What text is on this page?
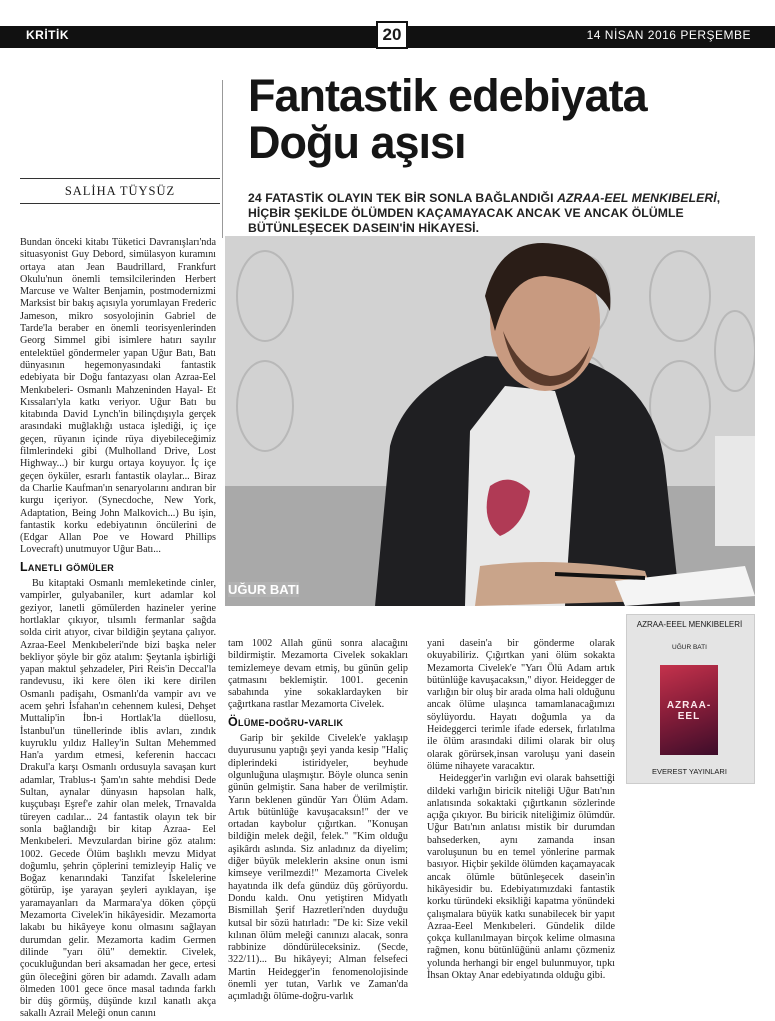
KRİTİK	20	14 NİSAN 2016 PERŞEMBE
Fantastik edebiyata
Doğu aşısı
24 FATASTİK OLAYIN TEK BİR SONLA BAĞLANDIĞI AZRAA-EEL MENKIBELERİ, HİÇBİR ŞEKİLDE ÖLÜMDEN KAÇAMAYACAK ANCAK VE ANCAK ÖLÜMLE BÜTÜNLEŞECEK DASEIN'İN HİKAYESİ.
SALİHA TÜYSÜZ
UĞUR BATI

Bundan önceki kitabı Tüketici Davranışları'nda situasyonist Guy Debord, simülasyon kuramını ortaya atan Jean Baudrillard, Frankfurt Okulu'nun önemli temsilcilerinden Herbert Marcuse ve Walter Benjamin, postmodernizmi Marksist bir bakış açısıyla yorumlayan Frederic Jameson, mikro sosyolojinin Gabriel de Tarde'la beraber en önemli teorisyenlerinden Georg Simmel gibi isimlere hatırı sayılır entelektüel göndermeler yapan Uğur Batı, Batı dünyasının hegemonyasındaki fantastik edebiyata bir Doğu fantazyası olan Azraa-Eel Menkıbeleri- Osmanlı Mahzeninden Hayal- Et Kıssaları'yla katkı veriyor. Uğur Batı bu kitabında David Lynch'in bilinçdışıyla gerçek arasındaki muğlaklığı ustaca işlediği, iç içe geçen, rüyanın içinde rüya diyebileceğimiz filmlerindeki gibi (Mulholland Drive, Lost Highway...) bir kurgu ortaya koyuyor. İç içe geçen öyküler, esrarlı fantastik olaylar... Biraz da Charlie Kaufman'ın senaryolarını andıran bir kurgu içeriyor. (Synecdoche, New York, Adaptation, Being John Malkovich...) Bu işin, fantastik korku edebiyatının öncülerini de (Edgar Allan Poe ve Howard Phillips Lovecraft) unutmuyor Uğur Batı...

Lanetli gömüler

Bu kitaptaki Osmanlı memleketinde cinler, vampirler, gulyabaniler, kurt adamlar kol geziyor, lanetli gömülerden hazineler yerine hortlaklar çıkıyor, tılsımlı fermanlar sağda solda cirit atıyor, civar bildiğin şeytana çalıyor. Azraa-Eeel Menkıbeleri'nde bizi başka neler bekliyor şöyle bir göz atalım: Şeytanla işbirliği yapan maktul şehzadeler, Piri Reis'in Deccal'la randevusu, iki kere ölen iki kere dirilen Osmanlı padişahı, Osmanlı'da vampir avı ve acem şehri İsfahan'ın cehennem kulesi, Dehşet Muttalip'in İbn-i Hortlak'la düellosu, İstanbul'un tünellerinde iblis avları, zındık kuyruklu yıldız Halley'in Sultan Mehemmed Han'a yardım etmesi, keferenin haccacı Drakul'a karşı Osmanlı ordusuyla savaşan kurt adamlar, Trablus-ı Şam'ın sahte mehdisi Dede Sultan, aynalar dünyasın hapsolan halk, kuşçubaşı Eşref'e zahir olan melek, Trnavalda türeyen cadılar... 24 fantastik olayın tek bir sonla bağlandığı bir kitap Azraa- Eel Menkıbeleri. Mevzulardan birine göz atalım: 1002. Gecede Ölüm başlıklı mevzu Midyat doğumlu, şehrin çöplerini temizleyip Haliç ve Boğaz kenarındaki Tanzifat İskelelerine götürüp, işe yarayan şeyleri ayıklayan, işe yaramayanları da Marmara'ya döken çöpçü Mezamorta Civelek'in hikâyesidir. Mezamorta lakabı bu hikâyeye konu olmasını sağlayan durumdan gelir. Mezamorta kadim Germen dilinde "yarı ölü" demektir. Civelek, çocukluğundan beri aksamadan her gece, ertesi gün öleceğini gören bir adamdı. Zavallı adam ölmeden 1001 gece önce masal tadında farklı bir düş görmüş, düşünde kızıl kanatlı akça sakallı Azrail Meleği onun canını

tam 1002 Allah günü sonra alacağını bildirmiştir. Mezamorta Civelek sokakları temizlemeye devam etmiş, bu günün gelip çatmasını beklemiştir. 1001. gecenin sabahında yine sokaklardayken bir çağırtkana rastlar Mezamorta Civelek.

Ölüme-doğru-varlık

Garip bir şekilde Civelek'e yaklaşıp duyurusunu yaptığı şeyi yanda kesip "Haliç diplerindeki istiridyeler, beyhude olgunluğuna ulaşmıştır. Böyle olunca senin günün gelmiştir. Sana haber de verilmiştir. Yarın beklenen gündür Yarı Ölüm Adam. Artık bütünlüğe kavuşacaksın!" der ve ortadan kaybolur çığırtkan. "Konuşan bildiğin melek değil, felek." "Kim olduğu aşikârdı aslında. Siz anladınız da diyelim; diğer büyük meleklerin aksine onun ismi kimseye verilmezdi!" Mezamorta Civelek hayatında ilk defa gündüz düş görüyordu. Dondu kaldı. Onu yetiştiren Midyatlı Bismillah Şerif Hazretleri'nden duyduğu kutsal bir sözü hatırladı: "De ki: Size vekil kılınan ölüm meleği canınızı alacak, sonra rabbinize döndürüleceksiniz. (Secde, 322/11)... Bu hikâyeyi; Alman felsefeci Martin Heidegger'in fenomenolojisinde önemli yer tutan, Varlık ve Zaman'da açımladığı ölüme-doğru-varlık

yani dasein'a bir gönderme olarak okuyabiliriz. Çığırtkan yani ölüm sokakta Mezamorta Civelek'e "Yarı Ölü Adam artık bütünlüğe kavuşacaksın," diyor. Heidegger de varlığın bir oluş bir arada olma hali olduğunu ancak ölüme ulaşınca tamamlanacağımızı söylüyordu. Hayatı doğumla ya da Heideggerci terimle ifade edersek, fırlatılma ile ölüm arasındaki dilimi olarak bir oluş olarak görürsek,insan varoluşu yani dasein ölüme nihayete varacaktır.

Heidegger'in varlığın evi olarak bahsettiği dildeki varlığın biricik niteliği Uğur Batı'nın anlatısında sokaktaki çığırtkanın sözlerinde açığa çıkıyor. Bu biricik niteliğimiz ölümdür. Uğur Batı'nın anlatısı mistik bir durumdan bahsederken, aynı zamanda insan varoluşunun bu en temel yönlerine parmak basıyor. Hiçbir şekilde ölümden kaçamayacak ancak ölümle bütünleşecek dasein'in hikâyesidir bu. Edebiyatımızdaki fantastik korku türündeki eksikliği kapatma yönündeki çalışmalara büyük katkı sunabilecek bir yapıt Azraa-Eeel Menkıbeleri. Gündelik dilde çokça kullanılmayan birçok kelime olmasına rağmen, konu bütünlüğünü anlamı çözmeniz yolunda herhangi bir engel bulunmuyor, tıpkı İhsan Oktay Anar edebiyatında olduğu gibi.

AZRAA-EEEL MENKIBELERİ
UĞUR BATI
AZRAA-EEL
EVEREST YAYINLARI
